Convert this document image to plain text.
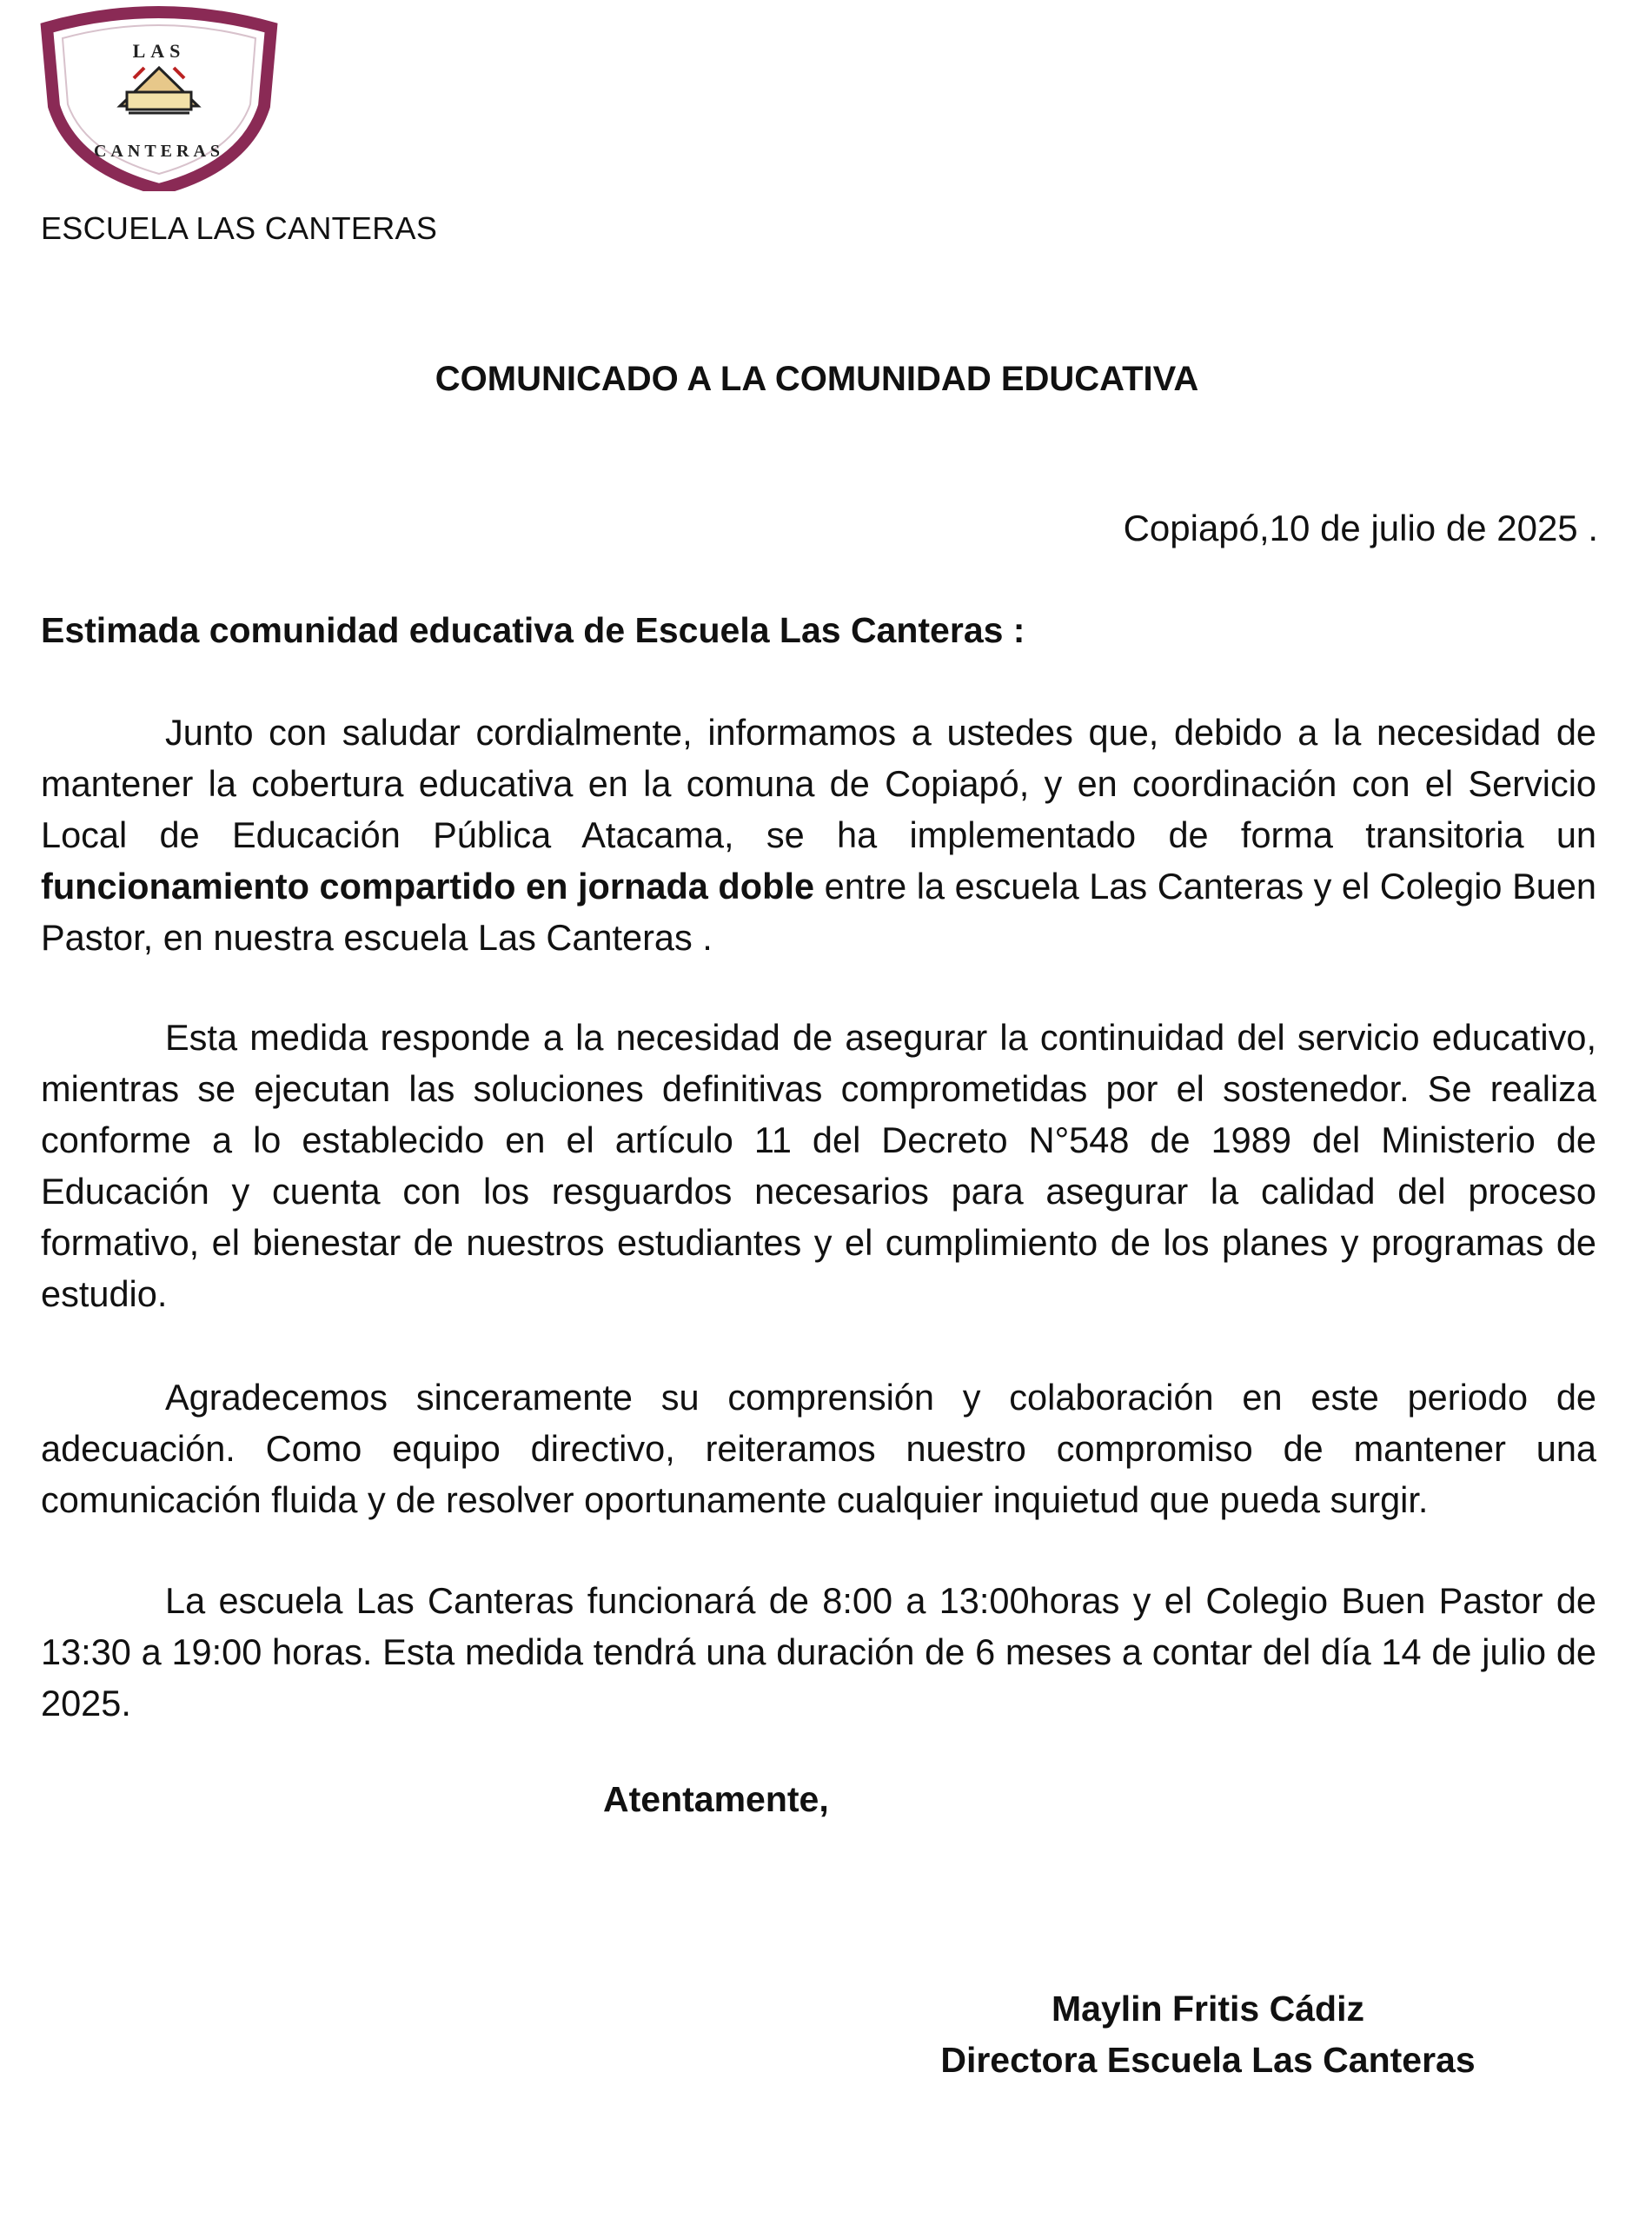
LAS
CANTERAS
ESCUELA LAS CANTERAS
COMUNICADO A LA COMUNIDAD EDUCATIVA
Copiapó,10 de julio de 2025 .
Estimada comunidad educativa de Escuela Las Canteras :

Junto con saludar cordialmente, informamos a ustedes que, debido a la necesidad de mantener la cobertura educativa en la comuna de Copiapó, y en coordinación con el Servicio Local de Educación Pública Atacama, se ha implementado de forma transitoria un funcionamiento compartido en jornada doble entre la escuela Las Canteras y el Colegio Buen Pastor, en nuestra escuela Las Canteras .

Esta medida responde a la necesidad de asegurar la continuidad del servicio educativo, mientras se ejecutan las soluciones definitivas comprometidas por el sostenedor. Se realiza conforme a lo establecido en el artículo 11 del Decreto N°548 de 1989 del Ministerio de Educación y cuenta con los resguardos necesarios para asegurar la calidad del proceso formativo, el bienestar de nuestros estudiantes y el cumplimiento de los planes y programas de estudio.

Agradecemos sinceramente su comprensión y colaboración en este periodo de adecuación. Como equipo directivo, reiteramos nuestro compromiso de mantener una comunicación fluida y de resolver oportunamente cualquier inquietud que pueda surgir.

La escuela Las Canteras funcionará de 8:00 a 13:00horas y el Colegio Buen Pastor de 13:30 a 19:00 horas. Esta medida tendrá una duración de 6 meses a contar del día 14 de julio de 2025.

Atentamente,
Maylin Fritis Cádiz
Directora Escuela Las Canteras
